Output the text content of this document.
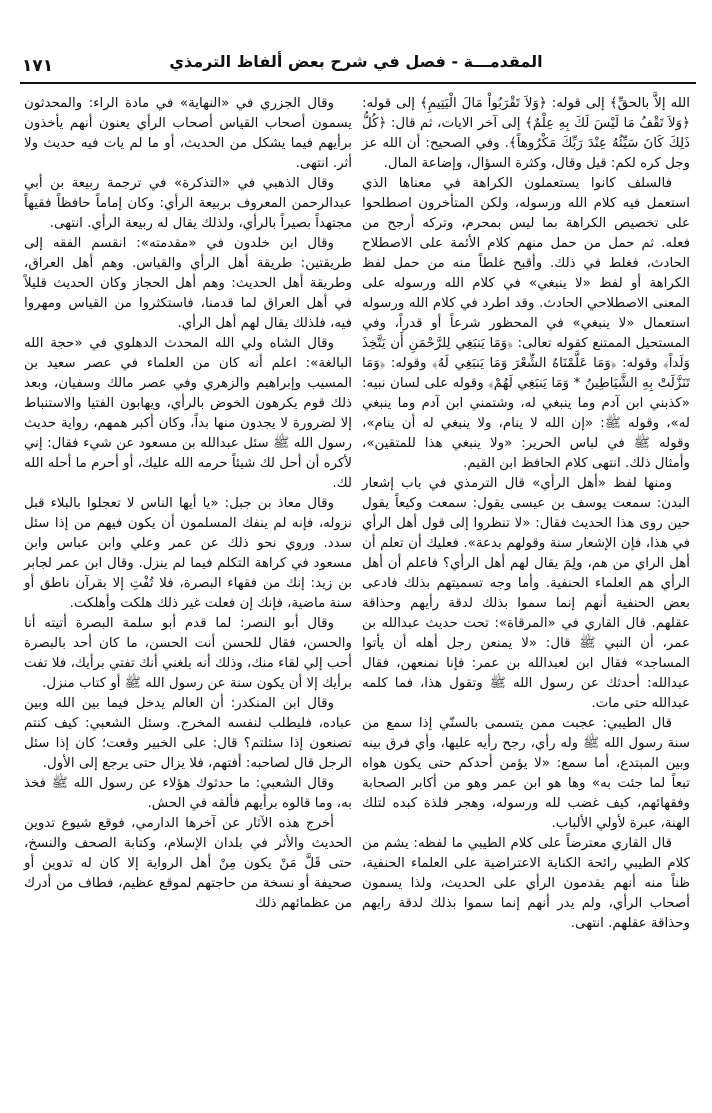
١٧١	المقدمـــة - فصل في شرح بعض ألفاظ الترمذي

الله إلاَّ بالحقِّ﴾ إلى قوله: ﴿وَلاَ تَقْرَبُواْ مَالَ الْيَتِيمِ﴾ إلى قوله: ﴿وَلاَ تَقْفُ مَا لَيْسَ لَكَ بِهِ عِلْمٌ﴾ إلى آخر الايات، ثم قال: ﴿كُلُّ ذَلِكَ كَانَ سَيِّئُهُ عِنْدَ رَبِّكَ مَكْرُوهاً﴾. وفي الصحيح: أن الله عز وجل كره لكم: قيل وقال، وكثرة السؤال، وإضاعة المال.

فالسلف كانوا يستعملون الكراهة في معناها الذي استعمل فيه كلام الله ورسوله، ولكن المتأخرون اصطلحوا على تخصيص الكراهة بما ليس بمحرم، وتركه أرجح من فعله. ثم حمل من حمل منهم كلام الأئمة على الاصطلاح الحادث، فغلط في ذلك. وأقبح غلطاً منه من حمل لفظ الكراهة أو لفظ «لا ينبغي» في كلام الله ورسوله على المعنى الاصطلاحي الحادث. وقد اطرد في كلام الله ورسوله استعمال «لا ينبغي» في المحظور شرعاً أو قدراً، وفي المستحيل الممتنع كقوله تعالى: ﴿وَمَا يَنبَغِي لِلرَّحْمَنِ أَن يَتَّخِذَ وَلَداً﴾ وقوله: ﴿وَمَا عَلَّمْنَاهُ الشِّعْرَ وَمَا يَنبَغِي لَهُ﴾ وقوله: ﴿وَمَا تَنَزَّلَتْ بِهِ الشَّيَاطِينُ * وَمَا يَنبَغِي لَهُمْ﴾ وقوله على لسان نبيه: «كذبني ابن آدم وما ينبغي له، وشتمني ابن آدم وما ينبغي له»، وقوله ﷺ: «إن الله لا ينام، ولا ينبغي له أن ينام»، وقوله ﷺ في لباس الحرير: «ولا ينبغي هذا للمتقين»، وأمثال ذلك. انتهى كلام الحافظ ابن القيم.

ومنها لفظ «أهل الرأي» قال الترمذي في باب إشعار البدن: سمعت يوسف بن عيسى يقول: سمعت وكيعاً يقول حين روى هذا الحديث فقال: «لا تنظروا إلى قول أهل الرأي في هذا، فإن الإشعار سنة وقولهم بدعة». فعليك أن تعلم أن أهل الراي من هم، ولِمَ يقال لهم أهل الرأي؟ فاعلم أن أهل الرأي هم العلماء الحنفية. وأما وجه تسميتهم بذلك فادعى بعض الحنفية أنهم إنما سموا بذلك لدقة رأيهم وحذاقة عقلهم. قال القاري في «المرقاة»: تحت حديث عبدالله بن عمر، أن النبي ﷺ قال: «لا يمنعن رجل أهله أن يأتوا المساجد» فقال ابن لعبدالله بن عمر: فإنا نمنعهن، فقال عبدالله: أحدثك عن رسول الله ﷺ وتقول هذا، فما كلمه عبدالله حتى مات.

قال الطيبي: عجبت ممن يتسمى بالسنّي إذا سمع من سنة رسول الله ﷺ وله رأي، رجح رأيه عليها، وأي فرق بينه وبين المبتدع، أما سمع: «لا يؤمن أحدكم حتى يكون هواه تبعاً لما جئت به» وها هو ابن عمر وهو من أكابر الصحابة وفقهائهم، كيف غضب لله ورسوله، وهجر فلذة كبده لتلك الهنة، عبرة لأولي الألباب.

قال القاري معترضاً على كلام الطيبي ما لفظه: يشم من كلام الطيبي رائحة الكناية الاعتراضية على العلماء الحنفية، ظناً منه أنهم يقدمون الرأي على الحديث، ولذا يسمون أصحاب الرأي، ولم يدر أنهم إنما سموا بذلك لدقة رايهم وحذاقة عقلهم. انتهى.

وقال الجزري في «النهاية» في مادة الراء: والمحدثون يسمون أصحاب القياس أصحاب الرأي يعنون أنهم يأخذون برأيهم فيما يشكل من الحديث، أو ما لم يات فيه حديث ولا أثر. انتهى.

وقال الذهبي في «التذكرة» في ترجمة ربيعة بن أبي عبدالرحمن المعروف بربيعة الرأي: وكان إماماً حافظاً فقيهاً مجتهداً بصيراً بالرأي، ولذلك يقال له ربيعة الرأي. انتهى.

وقال ابن خلدون في «مقدمته»: انقسم الفقه إلى طريقتين: طريقة أهل الرأي والقياس. وهم أهل العراق، وطريقة أهل الحديث: وهم أهل الحجاز وكان الحديث قليلاً في أهل العراق لما قدمنا، فاستكثروا من القياس ومهروا فيه، فلذلك يقال لهم أهل الرأي.

وقال الشاه ولي الله المحدث الدهلوي في «حجة الله البالغة»: اعلم أنه كان من العلماء في عصر سعيد بن المسيب وإبراهيم والزهري وفي عصر مالك وسفيان، وبعد ذلك قوم يكرهون الخوض بالرأي، ويهابون الفتيا والاستنباط إلا لضرورة لا يجدون منها بداً، وكان أكبر همهم، رواية حديث رسول الله ﷺ سئل عبدالله بن مسعود عن شيء فقال: إني لأكره أن أحل لك شيئاً حرمه الله عليك، أو أحرم ما أحله الله لك.

وقال معاذ بن جبل: «يا أيها الناس لا تعجلوا بالبلاء قبل نزوله، فإنه لم ينفك المسلمون أن يكون فيهم من إذا سئل سدد. وروي نحو ذلك عن عمر وعلي وابن عباس وابن مسعود في كراهة التكلم فيما لم ينزل. وقال ابن عمر لجابر بن زيد: إنك من فقهاء البصرة، فلا تُفْتِ إلا بقرآن ناطق أو سنة ماضية، فإنك إن فعلت غير ذلك هلكت وأهلكت.

وقال أبو النصر: لما قدم أبو سلمة البصرة أتيته أنا والحسن، فقال للحسن أنت الحسن، ما كان أحد بالبصرة أحب إلي لقاء منك، وذلك أنه بلغني أنك تفتي برأيك، فلا تفت برأيك إلا أن يكون سنة عن رسول الله ﷺ أو كتاب منزل.

وقال ابن المنكدر: أن العالم يدخل فيما بين الله وبين عباده، فليطلب لنفسه المخرج. وسئل الشعبي: كيف كنتم تصنعون إذا سئلتم؟ قال: على الخبير وقعت؛ كان إذا سئل الرجل قال لصاحبه: أفتهم، فلا يزال حتى يرجع إلى الأول.

وقال الشعبي: ما حدثوك هؤلاء عن رسول الله ﷺ فخذ به، وما قالوه برأيهم فألقه في الحش.

أخرج هذه الآثار عن آخرها الدارمي، فوقع شيوع تدوين الحديث والأثر في بلدان الإسلام، وكتابة الصحف والنسخ، حتى قَلَّ مَنْ يكون مِنْ أهل الرواية إلا كان له تدوين أو صحيفة أو نسخة من حاجتهم لموقع عظيم، فطاف من أدرك من عظمائهم ذلك
